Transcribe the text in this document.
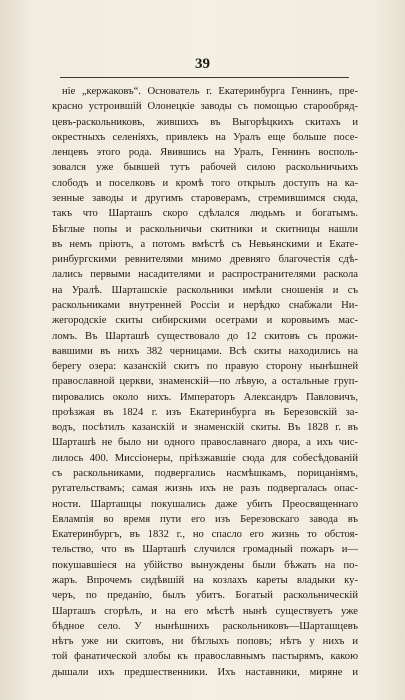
39
ніе „кержаковъ“. Основатель г. Екатеринбурга Геннинъ, пре-
красно устроившій Олонецкіе заводы съ помощью старообряд-
цевъ-раскольниковъ, жившихъ въ Выгорѣцкихъ скитахъ и
окрестныхъ селеніяхъ, привлекъ на Уралъ еще больше посе-
ленцевъ этого рода. Явившись на Уралъ, Геннинъ восполь-
зовался уже бывшей тутъ рабочей силою раскольничьихъ
слободъ и поселковъ и кромѣ того открылъ доступъ на ка-
зенные заводы и другимъ староверамъ, стремившимся сюда,
такъ что Шарташъ скоро сдѣлался людьмъ и богатымъ.
Бѣглые попы и раскольничьи скитники и скитницы нашли
въ немъ пріютъ, а потомъ вмѣстѣ съ Невьянскими и Екате-
ринбургскими ревнителями мнимо древняго благочестія сдѣ-
лались первыми насадителями и распространителями раскола
на Уралѣ. Шарташскіе раскольники имѣли сношенія и съ
раскольниками внутренней Россіи и нерѣдко снабжали Ни-
жегородскіе скиты сибирскими осетрами и коровьимъ мас-
ломъ. Въ Шарташѣ существовало до 12 скитовъ съ прожи-
вавшими въ нихъ 382 черницами. Всѣ скиты находились на
берегу озера: казанскій скитъ по правую сторону нынѣшней
православной церкви, знаменскій—по лѣвую, а остальные груп-
пировались около нихъ. Императоръ Александръ Павловичъ,
проѣзжая въ 1824 г. изъ Екатеринбурга въ Березовскій за-
водъ, посѣтилъ казанскій и знаменскій скиты. Въ 1828 г. въ
Шарташѣ не было ни одного православнаго двора, а ихъ чис-
лилось 400. Миссіонеры, пріѣзжавшіе сюда для собесѣдованій
съ раскольниками, подвергались насмѣшкамъ, порицаніямъ,
ругательствамъ; самая жизнь ихъ не разъ подвергалась опас-
ности. Шарташцы покушались даже убить Преосвященнаго
Евлампія во время пути его изъ Березовскаго завода въ
Екатеринбургъ, въ 1832 г., но спасло его жизнь то обстоя-
тельство, что въ Шарташѣ случился громадный пожаръ и—
покушавшіеся на убійство вынуждены были бѣжать на по-
жаръ. Впрочемъ сидѣвшій на козлахъ кареты владыки ку-
черъ, по преданію, былъ убитъ. Богатый раскольническій
Шарташъ сгорѣлъ, и на его мѣстѣ нынѣ существуетъ уже
бѣдное село. У нынѣшнихъ раскольниковъ—Шарташцевъ
нѣтъ уже ни скитовъ, ни бѣглыхъ поповъ; нѣтъ у нихъ и
той фанатической злобы къ православнымъ пастырямъ, какою
дышали ихъ предшественники. Ихъ наставники, миряне и
